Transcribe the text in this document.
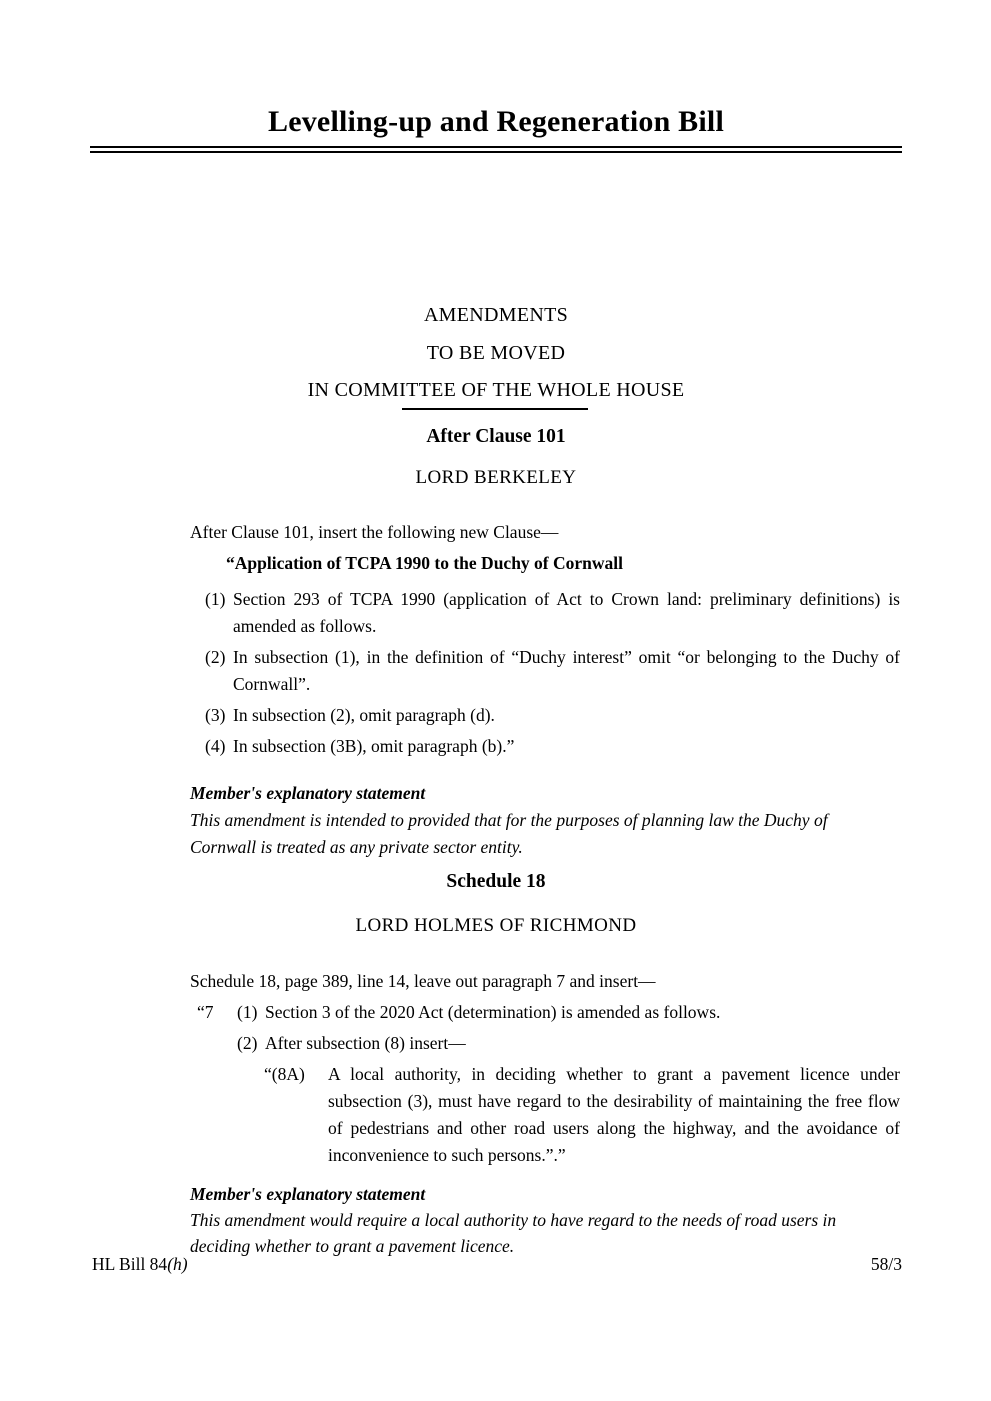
Levelling-up and Regeneration Bill
AMENDMENTS
TO BE MOVED
IN COMMITTEE OF THE WHOLE HOUSE
After Clause 101
LORD BERKELEY

After Clause 101, insert the following new Clause—

“Application of TCPA 1990 to the Duchy of Cornwall
(1) Section 293 of TCPA 1990 (application of Act to Crown land: preliminary definitions) is amended as follows.
(2) In subsection (1), in the definition of “Duchy interest” omit “or belonging to the Duchy of Cornwall”.
(3) In subsection (2), omit paragraph (d).
(4) In subsection (3B), omit paragraph (b).”

Member's explanatory statement

This amendment is intended to provided that for the purposes of planning law the Duchy of Cornwall is treated as any private sector entity.

Schedule 18
LORD HOLMES OF RICHMOND

Schedule 18, page 389, line 14, leave out paragraph 7 and insert—

“7	(1) Section 3 of the 2020 Act (determination) is amended as follows.
(2) After subsection (8) insert—
“(8A)	A local authority, in deciding whether to grant a pavement licence under subsection (3), must have regard to the desirability of maintaining the free flow of pedestrians and other road users along the highway, and the avoidance of inconvenience to such persons.”.”

Member's explanatory statement

This amendment would require a local authority to have regard to the needs of road users in deciding whether to grant a pavement licence.

HL Bill 84(h)	58/3
